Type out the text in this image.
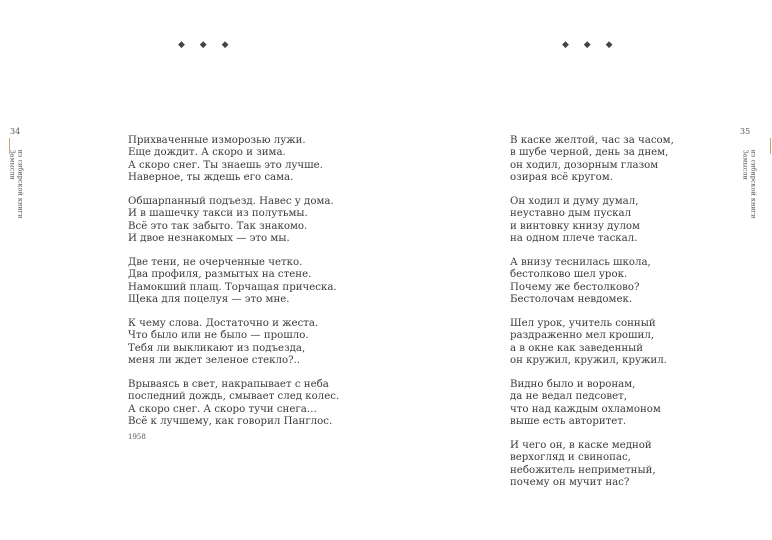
◆ ◆ ◆
34
из сибирской книги
Замысли
Прихваченные изморозью лужи.
Еще дождит. А скоро и зима.
А скоро снег. Ты знаешь это лучше.
Наверное, ты ждешь его сама.
Обшарпанный подъезд. Навес у дома.
И в шашечку такси из полутьмы.
Всё это так забыто. Так знакомо.
И двое незнакомых — это мы.
Две тени, не очерченные четко.
Два профиля, размытых на стене.
Намокший плащ. Торчащая прическа.
Щека для поцелуя — это мне.
К чему слова. Достаточно и жеста.
Что было или не было — прошло.
Тебя ли выкликают из подъезда,
меня ли ждет зеленое стекло?..
Врываясь в свет, накрапывает с неба
последний дождь, смывает след колес.
А скоро снег. А скоро тучи снега…
Всё к лучшему, как говорил Панглос.
1958
◆ ◆ ◆
35
из сибирской книги
Замысли
В каске желтой, час за часом,
в шубе черной, день за днем,
он ходил, дозорным глазом
озирая всё кругом.
Он ходил и думу думал,
неуставно дым пускал
и винтовку книзу дулом
на одном плече таскал.
А внизу теснилась школа,
бестолково шел урок.
Почему же бестолково?
Бестолочам невдомек.
Шел урок, учитель сонный
раздраженно мел крошил,
а в окне как заведенный
он кружил, кружил, кружил.
Видно было и воронам,
да не ведал педсовет,
что над каждым охламоном
выше есть авторитет.
И чего он, в каске медной
верхогляд и свинопас,
небожитель неприметный,
почему он мучит нас?
